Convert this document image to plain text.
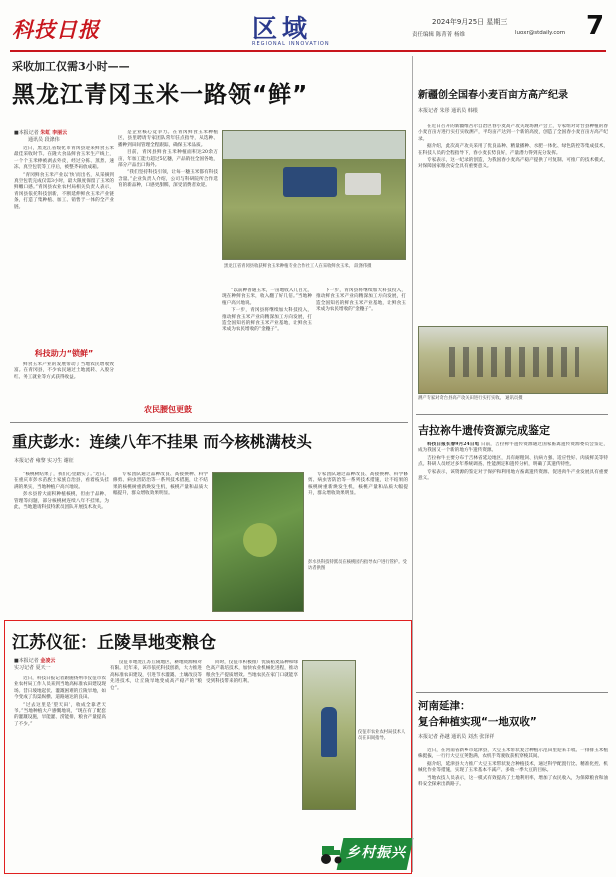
科技日报	区域
REGIONAL INNOVATION
2024年9月25日 星期三
责任编辑 陈菁菁 杨维	luoxr@stdaily.com 7
采收加工仅需3小时——
黑龙江青冈玉米一路领“鲜”
■本报记者 朱虹 李丽云
通讯员 段涤伟

近日，黑龙江省绥化市青冈县迎来鲜食玉米最佳采收时节。在隆大食品鲜食玉米生产线上，一个个玉米棒被剥去外皮，经过分拣、蒸煮、速冻、真空包装等工序后，被整齐码放成箱。

“青冈鲜食玉米产业以‘快’而出名，从采摘到真空包装完成仅需3小时，最大限度保留了玉米的鲜嫩口感。”青冈县农业农村局相关负责人表示，青冈县依托科技创新，不断延伸鲜食玉米产业链条，打造了集种植、加工、销售于一体的全产业链。

科技助力“锁鲜”

鲜食玉米产业的发展带动了当地农民增收致富。在青冈县，不少农民通过土地流转、入股分红、务工就业等方式获得收益。

是企业核心竞争力。在青冈鲜食玉米种植区，县里聘请专家团队常年驻点指导，从选种、播种到田间管理全程跟踪，确保玉米品质。

目前，青冈县鲜食玉米种植面积达20余万亩，年加工能力超过5亿穗，产品销往全国各地，部分产品出口海外。

“我们坚持科技引领，让每一穗玉米都有科技含量。”企业负责人介绍，公司与科研院所合作选育的新品种，口感更甜糯，深受消费者欢迎。

黑龙江省青冈县收获鲜食玉米种植专业合作社工人在采收鲜食玉米。 段涤伟摄

“以前种普通玉米，一亩地收入几百元，现在种鲜食玉米，收入翻了好几倍。”当地种植户高兴地说。

下一步，青冈县将继续加大科技投入，推动鲜食玉米产业向精深加工方向发展，打造全国知名的鲜食玉米产业基地，让鲜食玉米成为农民增收的“金穗子”。

农民腰包更鼓

下一步，青冈县将继续加大科技投入，推动鲜食玉米产业向精深加工方向发展，打造全国知名的鲜食玉米产业基地，让鲜食玉米成为农民增收的“金穗子”。

新疆创全国春小麦百亩方高产纪录
本报记者 朱彤 通讯员 韩根

在近日召开的新疆维吾尔自治区春小麦高产攻关现场测产会上，专家组对奇台县种植的春小麦百亩方进行实打实收测产，平均亩产达到一个新的高度，创造了全国春小麦百亩方高产纪录。

据介绍，此次高产攻关采用了优良品种、精量播种、水肥一体化、绿色防控等集成技术，在科技人员的全程指导下，春小麦长势良好，产量潜力得到充分发挥。

专家表示，这一纪录的创造，为我国春小麦高产稳产提供了可复制、可推广的技术模式，对保障国家粮食安全具有重要意义。

测产专家对奇台县高产攻关田进行实打实收。 通讯员摄
重庆彭水：连续八年不挂果 而今核桃满枝头
本报记者 雍黎 实习生 谢征

“核桃树结果了，我们心里踏实了。”近日，在重庆市彭水苗族土家族自治县，看着枝头挂满的果实，当地种植户高兴地说。

彭水县曾大面积种植核桃，但由于品种、管理等问题，部分核桃树连续八年不挂果。为此，当地邀请科技特派员团队开展技术攻关。

专家团队通过品种改良、高接换种、科学修剪、病虫害防治等一系列技术措施，让不结果的核桃树重新焕发生机，核桃产量和品质大幅提升，群众增收效果明显。

彭水县科技特派员在核桃园内指导农户进行管护。受访者供图

专家团队通过品种改良、高接换种、科学修剪、病虫害防治等一系列技术措施，让不结果的核桃树重新焕发生机，核桃产量和品质大幅提升，群众增收效果明显。

吉拉祢牛遗传资源完成鉴定

科技日报长春9月24日电 日前，吉拉祢牛遗传资源通过国家畜禽遗传资源委员会鉴定，成为我国又一个新的地方牛遗传资源。

吉拉祢牛主要分布于吉林省延边地区，具有耐粗饲、抗病力强、适应性好、肉质鲜美等特点。科研人员经过多年系统调查、性能测定和遗传分析，明确了其遗传特性。

专家表示，该资源的鉴定对于保护和利用地方畜禽遗传资源、促进肉牛产业发展具有重要意义。

河南延津：
复合种植实现“一地双收”
本报记者 孙越 通讯员 刘杰 张泽祥

近日，在河南省新乡市延津县，大豆玉米带状复合种植示范田里迎来丰收。一排排玉米植株挺拔，一行行大豆豆荚饱满，农机手驾驶收获机穿梭其间。

据介绍，延津县大力推广大豆玉米带状复合种植技术，通过科学配置行比、精准化控、机械化作业等措施，实现了玉米基本不减产、多收一季大豆的目标。

当地农技人员表示，这一模式有效提高了土地利用率，增加了农民收入，为保障粮食和油料安全探索出新路子。

江苏仪征：丘陵旱地变粮仓
■本报记者 金凌云
实习记者 夏天一

近日，科技日报记者跟随扬州市仪征市农业农村局工作人员来到当地高标准农田建设现场。昔日坡地起伏、灌溉困难的丘陵旱地，如今变成了沟渠纵横、道路通达的良田。

“过去这里是‘望天田’，收成全靠老天爷。”当地种植大户感慨地说，“现在有了配套的灌溉设施，旱能灌、涝能排，粮食产量提高了不少。”

仪征市地处江苏丘陵地区，耕地资源相对有限。近年来，该市依托科技创新，大力推进高标准农田建设，引进节水灌溉、土壤改良等先进技术，让丘陵旱地变成高产稳产的“粮仓”。

同时，仪征市积极推广优质稻麦品种和绿色高产栽培技术，加快农业机械化进程，推动粮食生产提质增效。当地农民在家门口就能享受到科技带来的红利。

仪征市农业农村局技术人员在田间指导。
乡村振兴
